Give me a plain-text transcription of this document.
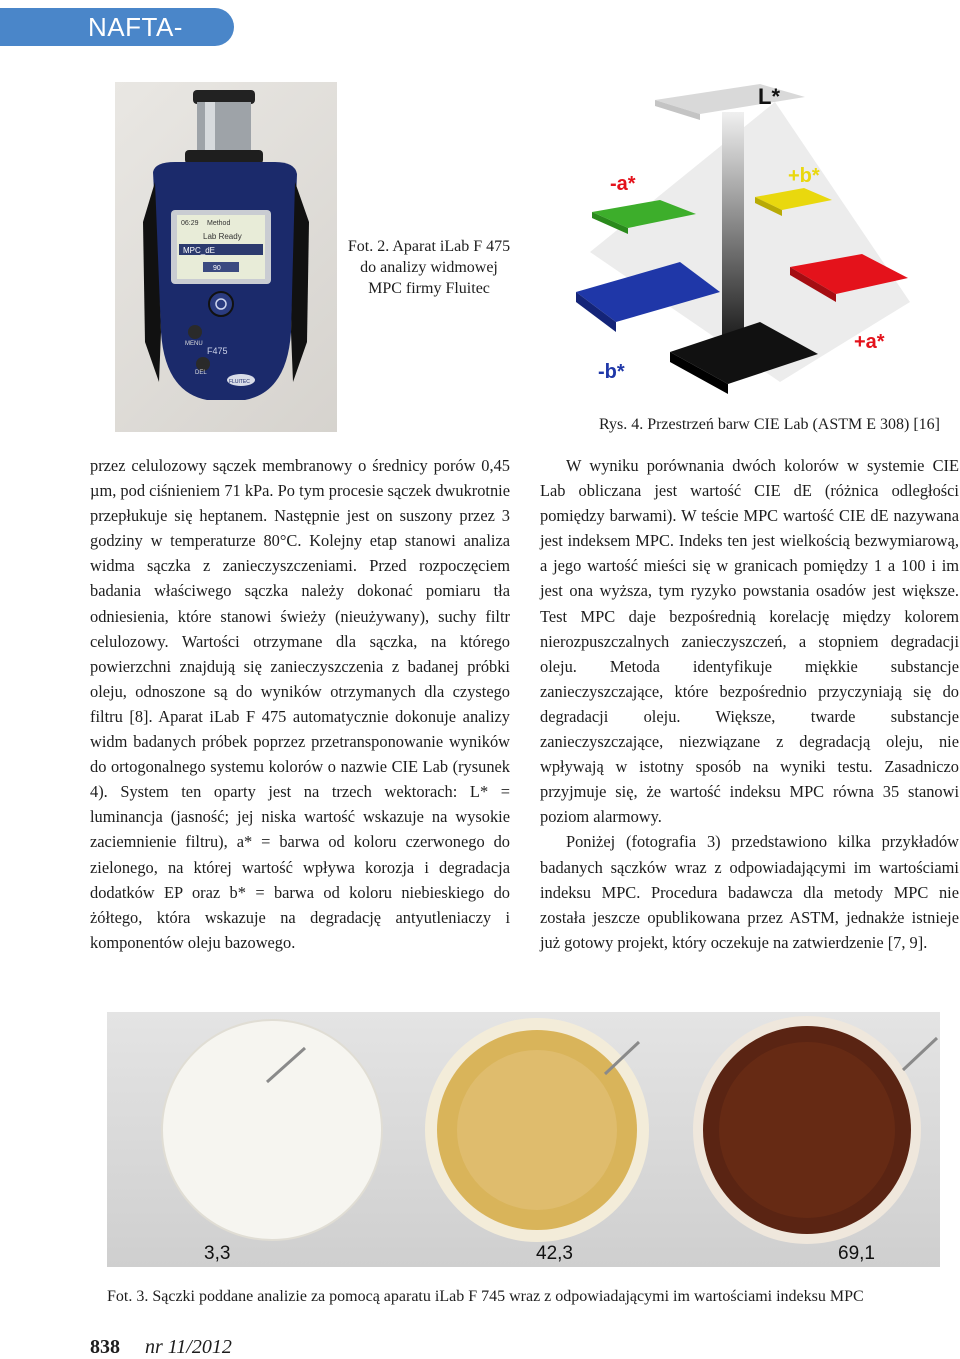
NAFTA-GAZ
06:29 Method
Lab Ready
MPC_dE
90
MENU
DEL
F475
FLUITEC
Fot. 2. Aparat iLab F 475 do analizy widmowej MPC firmy Fluitec
L*
-a*	+b*
+a*
-b*
Rys. 4. Przestrzeń barw CIE Lab (ASTM E 308) [16]

przez celulozowy sączek membranowy o średnicy porów 0,45 µm, pod ciśnieniem 71 kPa. Po tym procesie sączek dwukrotnie przepłukuje się heptanem. Następnie jest on suszony przez 3 godziny w temperaturze 80°C. Kolejny etap stanowi analiza widma sączka z zanieczyszczeniami. Przed rozpoczęciem badania właściwego sączka należy dokonać pomiaru tła odniesienia, które stanowi świeży (nieużywany), suchy filtr celulozowy. Wartości otrzymane dla sączka, na którego powierzchni znajdują się zanieczyszczenia z badanej próbki oleju, odnoszone są do wyników otrzymanych dla czystego filtru [8]. Aparat iLab F 475 automatycznie dokonuje analizy widm badanych próbek poprzez przetransponowanie wyników do ortogonalnego systemu kolorów o nazwie CIE Lab (rysunek 4). System ten oparty jest na trzech wektorach: L* = luminancja (jasność; jej niska wartość wskazuje na wysokie zaciemnienie filtru), a* = barwa od koloru czerwonego do zielonego, na której wartość wpływa korozja i degradacja dodatków EP oraz b* = barwa od koloru niebieskiego do żółtego, która wskazuje na degradację antyutleniaczy i komponentów oleju bazowego.

W wyniku porównania dwóch kolorów w systemie CIE Lab obliczana jest wartość CIE dE (różnica odległości pomiędzy barwami). W teście MPC wartość CIE dE nazywana jest indeksem MPC. Indeks ten jest wielkością bezwymiarową, a jego wartość mieści się w granicach pomiędzy 1 a 100 i im jest ona wyższa, tym ryzyko powstania osadów jest większe. Test MPC daje bezpośrednią korelację między kolorem nierozpuszczalnych zanieczyszczeń, a stopniem degradacji oleju. Metoda identyfikuje miękkie substancje zanieczyszczające, które bezpośrednio przyczyniają się do degradacji oleju. Większe, twarde substancje zanieczyszczające, niezwiązane z degradacją oleju, nie wpływają w istotny sposób na wyniki testu. Zasadniczo przyjmuje się, że wartość indeksu MPC równa 35 stanowi poziom alarmowy.

Poniżej (fotografia 3) przedstawiono kilka przykładów badanych sączków wraz z odpowiadającymi im wartościami indeksu MPC. Procedura badawcza dla metody MPC nie została jeszcze opublikowana przez ASTM, jednakże istnieje już gotowy projekt, który oczekuje na zatwierdzenie [7, 9].

3,3	42,3	69,1
Fot. 3. Sączki poddane analizie za pomocą aparatu iLab F 745 wraz z odpowiadającymi im wartościami indeksu MPC
838 nr 11/2012
